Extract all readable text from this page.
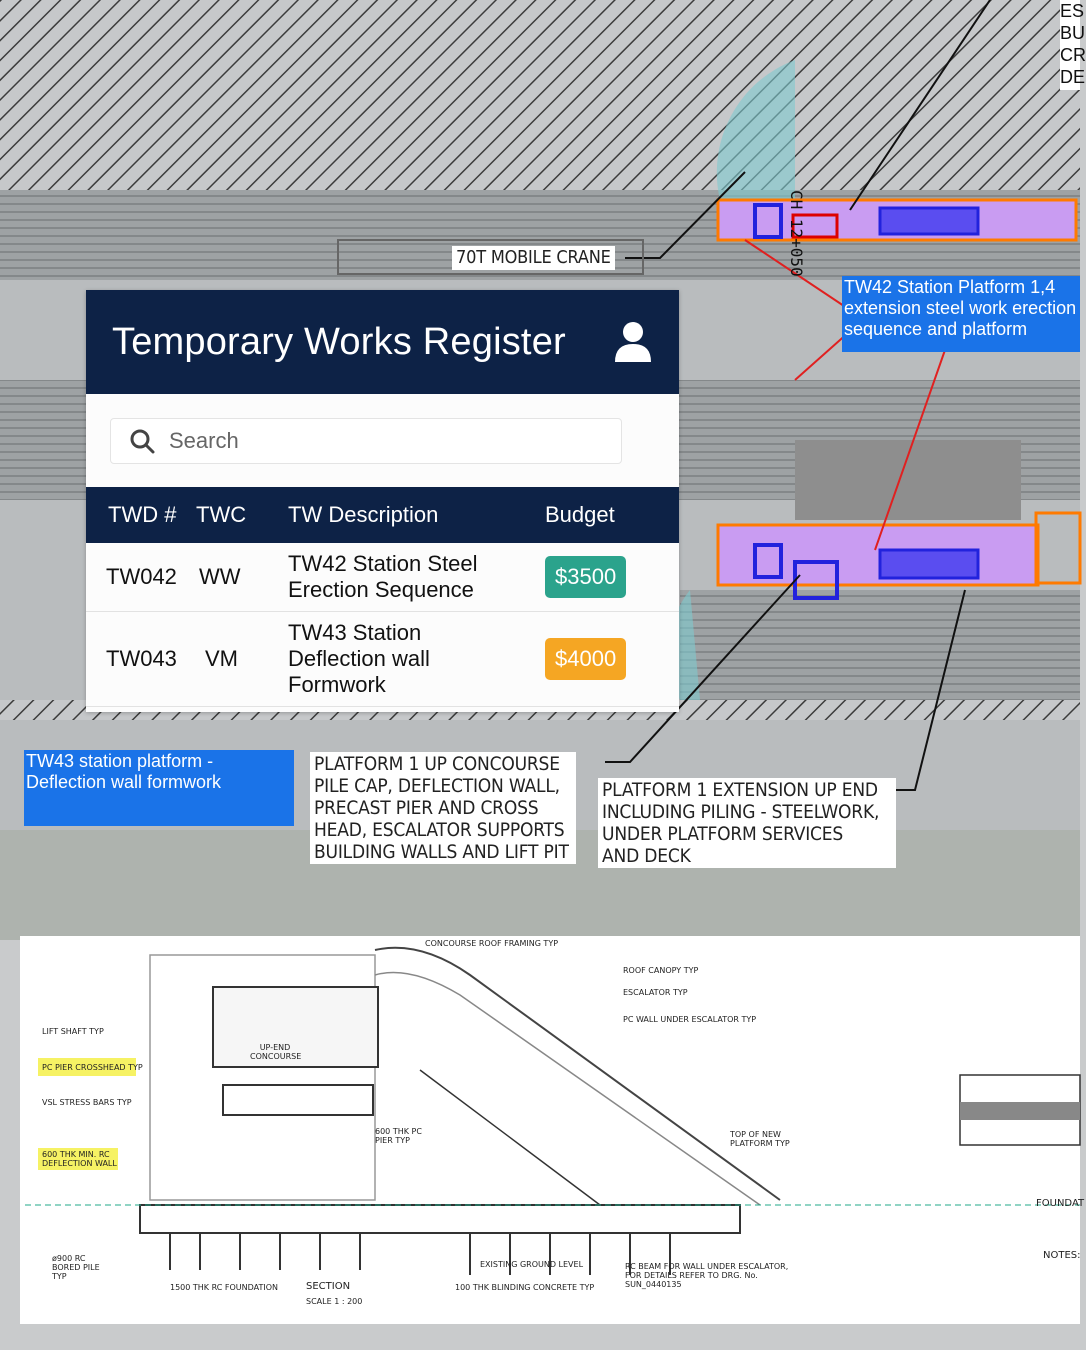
70T MOBILE CRANE	CH 12+050
ES
BU
CR
DE
TW42 Station Platform 1,4 extension steel work erection sequence and platform
TW43 station platform - Deflection wall formwork
PLATFORM 1 UP CONCOURSE
PILE CAP, DEFLECTION WALL,
PRECAST PIER AND CROSS
HEAD, ESCALATOR SUPPORTS
BUILDING WALLS AND LIFT PIT
PLATFORM 1 EXTENSION UP END
INCLUDING PILING - STEELWORK,
UNDER PLATFORM SERVICES
AND DECK
CONCOURSE ROOF FRAMING TYP
ROOF CANOPY TYP
ESCALATOR TYP
PC WALL UNDER ESCALATOR TYP
LIFT SHAFT TYP
PC PIER CROSSHEAD TYP
VSL STRESS BARS TYP
UP-END CONCOURSE
600 THK MIN. RC DEFLECTION WALL
600 THK PC PIER TYP
TOP OF NEW PLATFORM TYP
ø900 RC BORED PILE TYP
1500 THK RC FOUNDATION	SECTION
SCALE 1 : 200
EXISTING GROUND LEVEL
100 THK BLINDING CONCRETE TYP
RC BEAM FOR WALL UNDER ESCALATOR, FOR DETAILS REFER TO DRG. No. SUN_0440135
FOUNDAT
NOTES:
Temporary Works Register
Search
TWD #	TWC	TW Description	Budget
TW042	WW	TW42 Station Steel Erection Sequence	$3500
TW043	VM	TW43 Station Deflection wall Formwork	$4000
